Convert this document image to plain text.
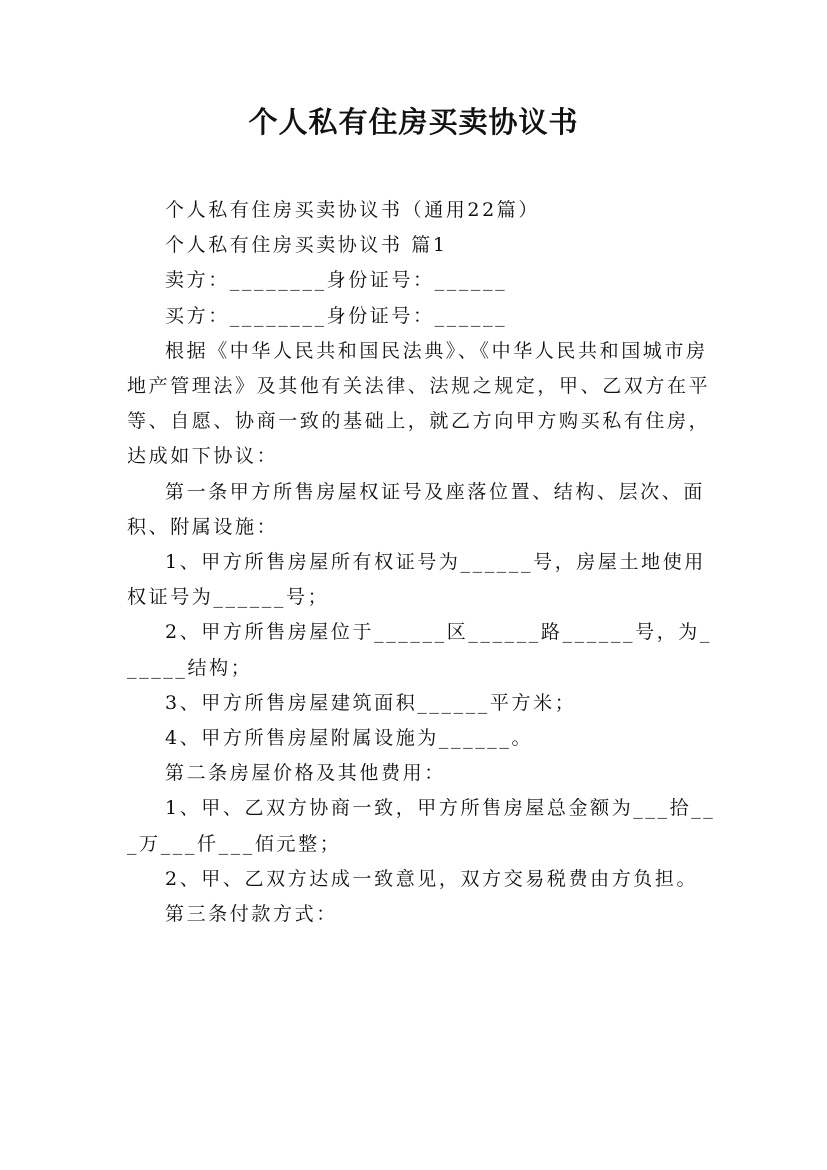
个人私有住房买卖协议书

个人私有住房买卖协议书（通用22篇）

个人私有住房买卖协议书 篇1

卖方：________身份证号：______

买方：________身份证号：______

根据《中华人民共和国民法典》、《中华人民共和国城市房地产管理法》及其他有关法律、法规之规定，甲、乙双方在平等、自愿、协商一致的基础上，就乙方向甲方购买私有住房，达成如下协议：

第一条甲方所售房屋权证号及座落位置、结构、层次、面积、附属设施：

1、甲方所售房屋所有权证号为______号，房屋土地使用权证号为______号；

2、甲方所售房屋位于______区______路______号，为______结构；

3、甲方所售房屋建筑面积______平方米；

4、甲方所售房屋附属设施为______。

第二条房屋价格及其他费用：

1、甲、乙双方协商一致，甲方所售房屋总金额为___拾___万___仟___佰元整；

2、甲、乙双方达成一致意见，双方交易税费由方负担。

第三条付款方式：
